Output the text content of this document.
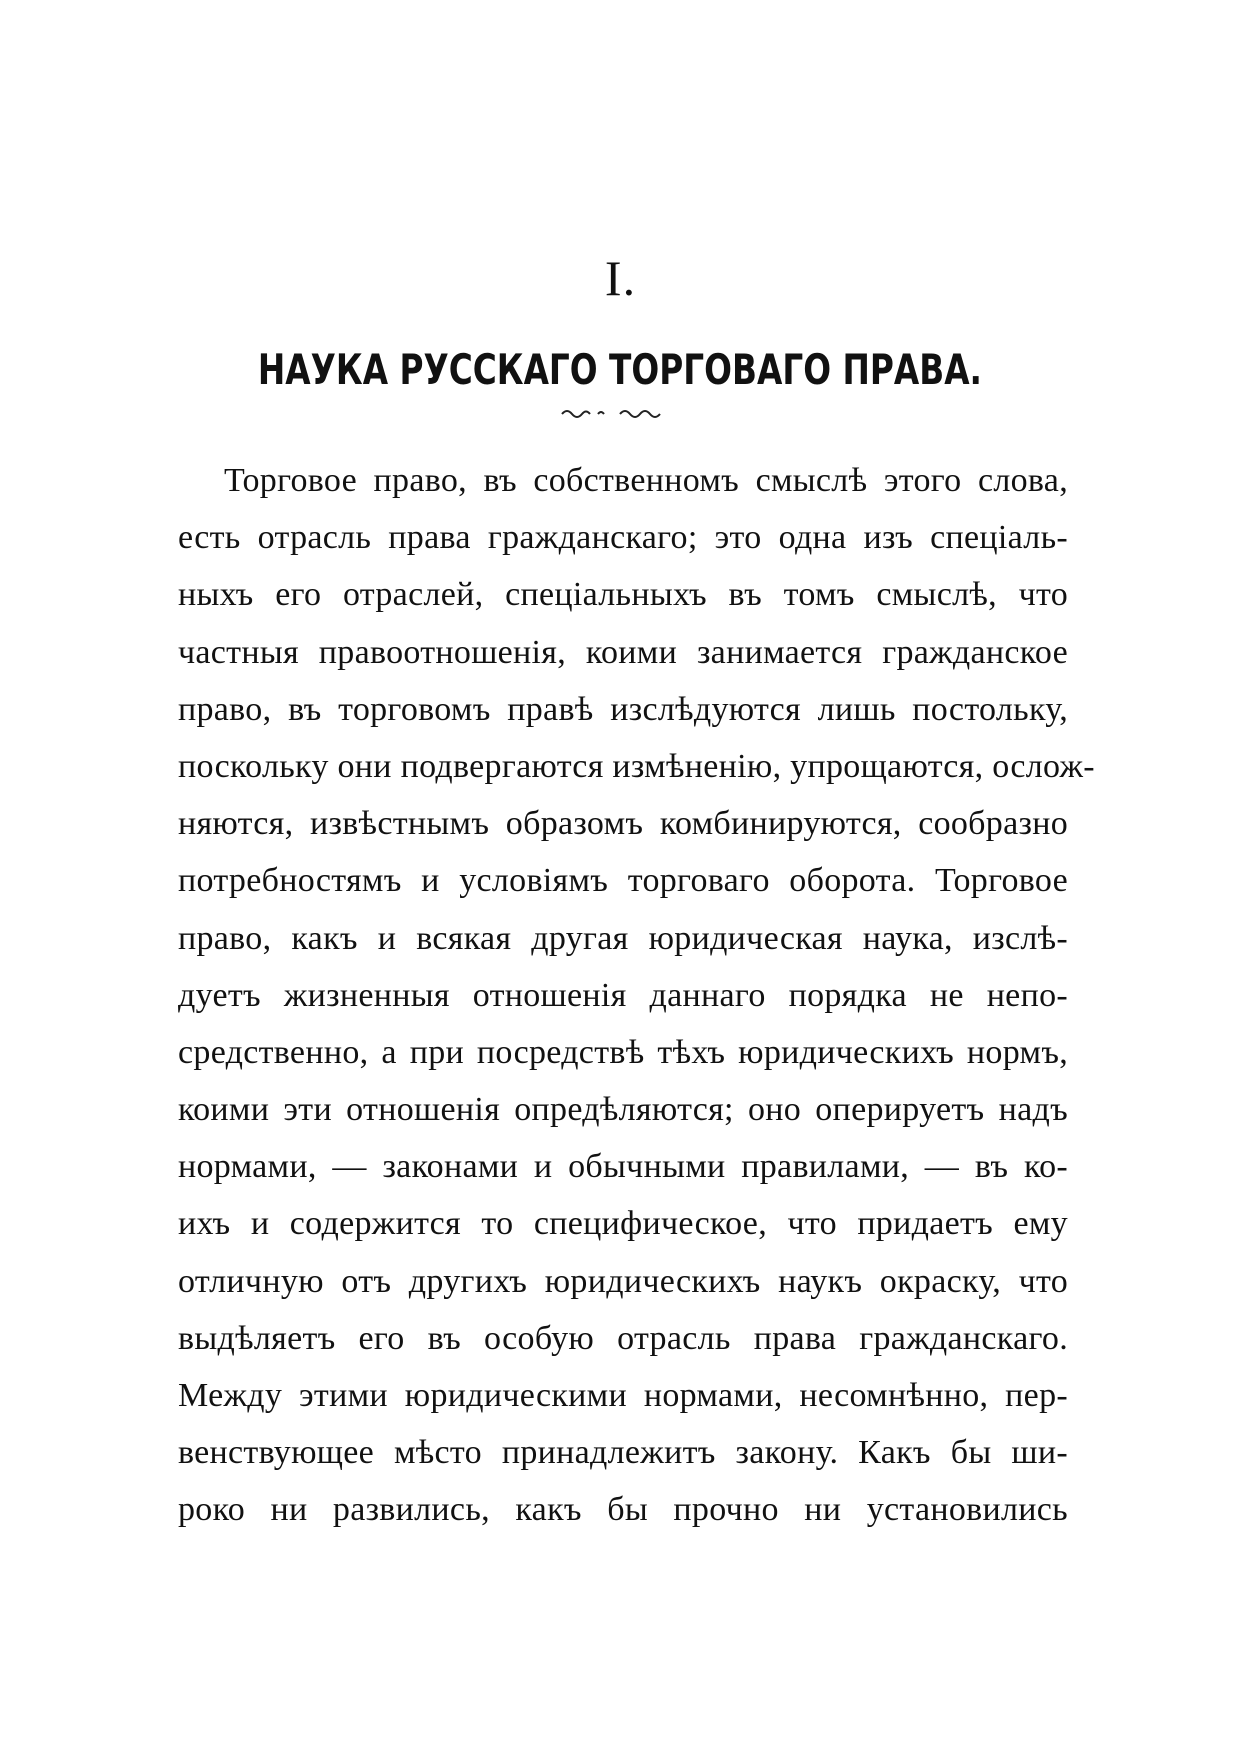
I.
НАУКА РУССКАГО ТОРГОВАГО ПРАВА.
Торговое право, въ собственномъ смыслѣ этого слова,
есть отрасль права гражданскаго; это одна изъ спеціаль-
ныхъ его отраслей, спеціальныхъ въ томъ смыслѣ, что
частныя правоотношенія, коими занимается гражданское
право, въ торговомъ правѣ изслѣдуются лишь постольку,
поскольку они подвергаются измѣненію, упрощаются, ослож-
няются, извѣстнымъ образомъ комбинируются, сообразно
потребностямъ и условіямъ торговаго оборота. Торговое
право, какъ и всякая другая юридическая наука, изслѣ-
дуетъ жизненныя отношенія даннаго порядка не непо-
средственно, а при посредствѣ тѣхъ юридическихъ нормъ,
коими эти отношенія опредѣляются; оно оперируетъ надъ
нормами, — законами и обычными правилами, — въ ко-
ихъ и содержится то специфическое, что придаетъ ему
отличную отъ другихъ юридическихъ наукъ окраску, что
выдѣляетъ его въ особую отрасль права гражданскаго.
Между этими юридическими нормами, несомнѣнно, пер-
венствующее мѣсто принадлежитъ закону. Какъ бы ши-
роко ни развились, какъ бы прочно ни установились
